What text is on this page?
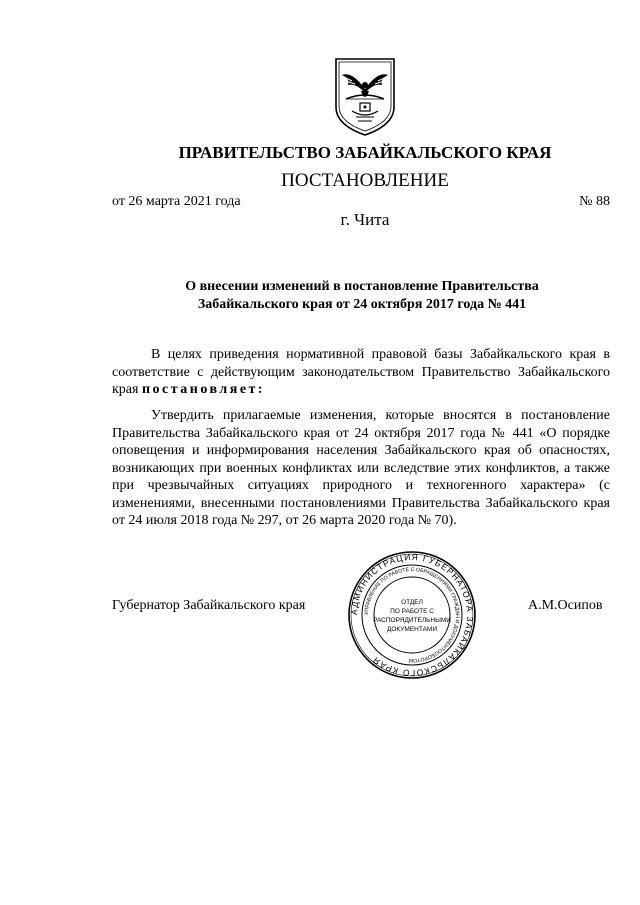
ПРАВИТЕЛЬСТВО ЗАБАЙКАЛЬСКОГО КРАЯ
ПОСТАНОВЛЕНИЕ
от 26 марта 2021 года	№ 88
г. Чита
О внесении изменений в постановление Правительства
Забайкальского края от 24 октября 2017 года № 441

В целях приведения нормативной правовой базы Забайкальского края в соответствие с действующим законодательством Правительство Забайкальского края постановляет:

Утвердить прилагаемые изменения, которые вносятся в постановление Правительства Забайкальского края от 24 октября 2017 года № 441 «О порядке оповещения и информирования населения Забайкальского края об опасностях, возникающих при военных конфликтах или вследствие этих конфликтов, а также при чрезвычайных ситуациях природного и техногенного характера» (с изменениями, внесенными постановлениями Правительства Забайкальского края от 24 июля 2018 года № 297, от 26 марта 2020 года № 70).

Губернатор Забайкальского края	А.М.Осипов
АДМИНИСТРАЦИЯ ГУБЕРНАТОРА ЗАБАЙКАЛЬСКОГО КРАЯ
УПРАВЛЕНИЕ ПО РАБОТЕ С ОБРАЩЕНИЯМИ ГРАЖДАН И ДОКУМЕНТООБОРОТОМ
ОТДЕЛ
ПО РАБОТЕ С
РАСПОРЯДИТЕЛЬНЫМИ
ДОКУМЕНТАМИ
